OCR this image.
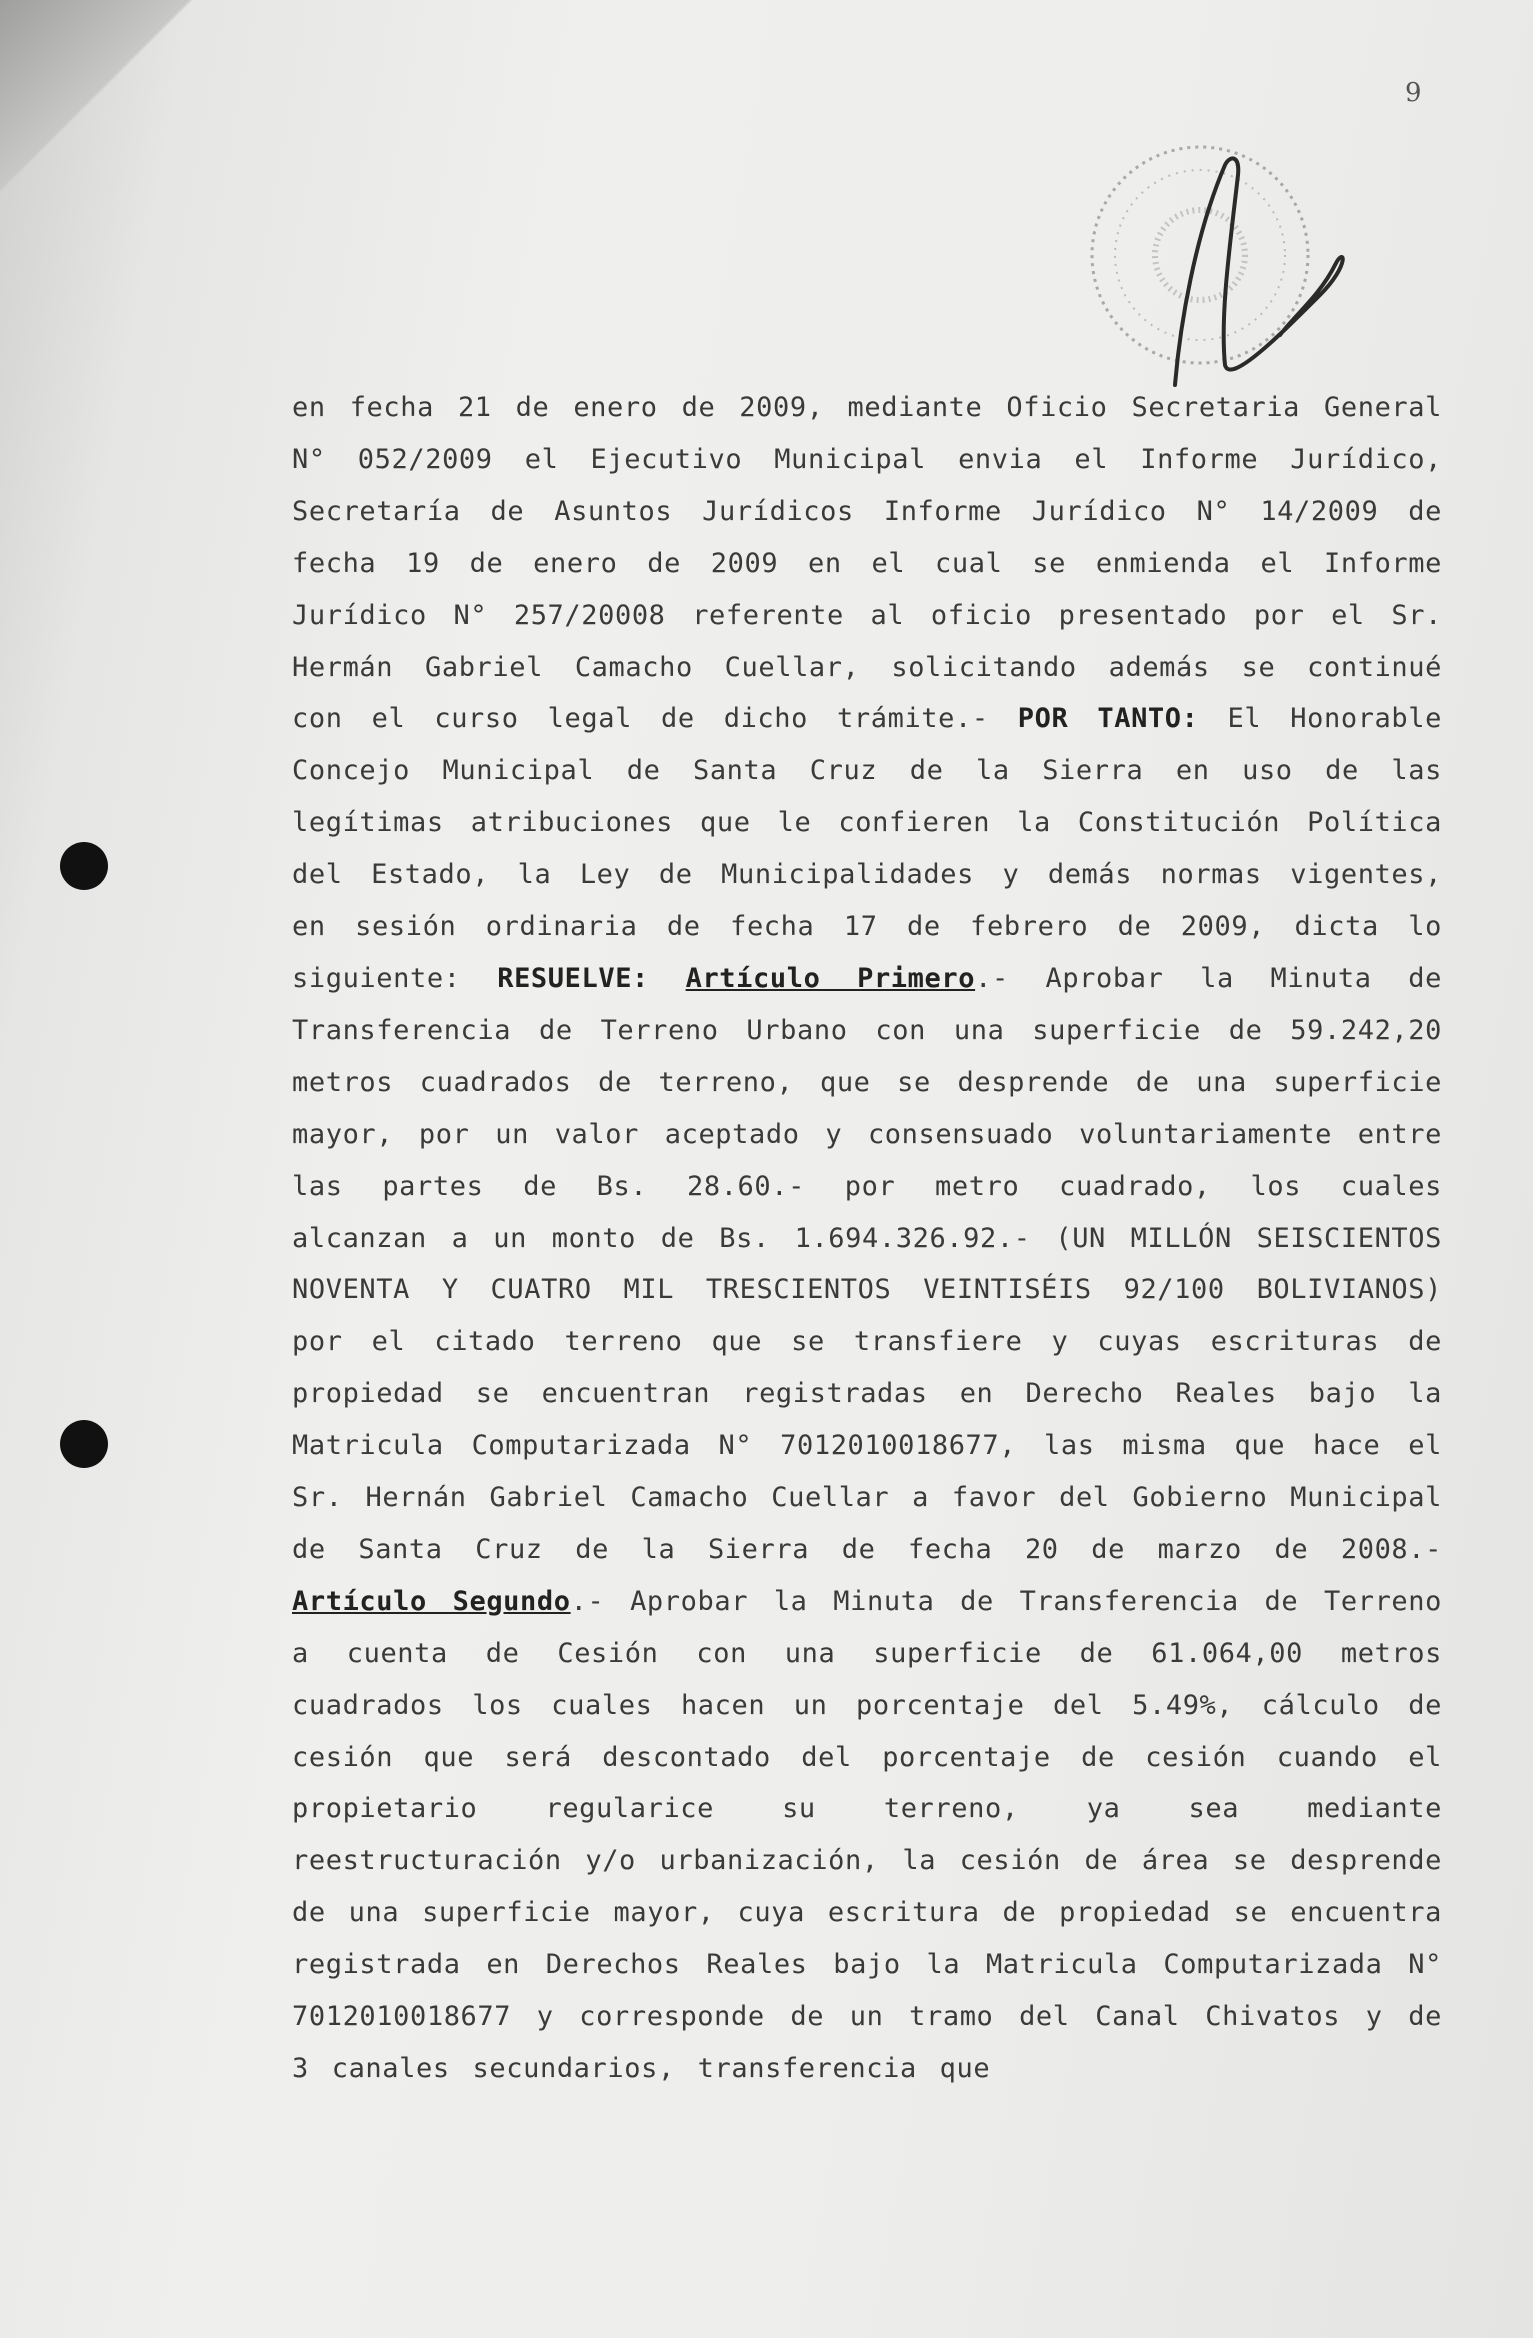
9
en fecha 21 de enero de 2009, mediante Oficio Secretaria General N° 052/2009 el Ejecutivo Municipal envia el Informe Jurídico, Secretaría de Asuntos Jurídicos Informe Jurídico N° 14/2009 de fecha 19 de enero de 2009 en el cual se enmienda el Informe Jurídico N° 257/20008 referente al oficio presentado por el Sr. Hermán Gabriel Camacho Cuellar, solicitando además se continué con el curso legal de dicho trámite.- POR TANTO: El Honorable Concejo Municipal de Santa Cruz de la Sierra en uso de las legítimas atribuciones que le confieren la Constitución Política del Estado, la Ley de Municipalidades y demás normas vigentes, en sesión ordinaria de fecha 17 de febrero de 2009, dicta lo siguiente: RESUELVE: Artículo Primero.- Aprobar la Minuta de Transferencia de Terreno Urbano con una superficie de 59.242,20 metros cuadrados de terreno, que se desprende de una superficie mayor, por un valor aceptado y consensuado voluntariamente entre las partes de Bs. 28.60.- por metro cuadrado, los cuales alcanzan a un monto de Bs. 1.694.326.92.- (UN MILLÓN SEISCIENTOS NOVENTA Y CUATRO MIL TRESCIENTOS VEINTISÉIS 92/100 BOLIVIANOS) por el citado terreno que se transfiere y cuyas escrituras de propiedad se encuentran registradas en Derecho Reales bajo la Matricula Computarizada N° 7012010018677, las misma que hace el Sr. Hernán Gabriel Camacho Cuellar a favor del Gobierno Municipal de Santa Cruz de la Sierra de fecha 20 de marzo de 2008.- Artículo Segundo.- Aprobar la Minuta de Transferencia de Terreno a cuenta de Cesión con una superficie de 61.064,00 metros cuadrados los cuales hacen un porcentaje del 5.49%, cálculo de cesión que será descontado del porcentaje de cesión cuando el propietario regularice su terreno, ya sea mediante reestructuración y/o urbanización, la cesión de área se desprende de una superficie mayor, cuya escritura de propiedad se encuentra registrada en Derechos Reales bajo la Matricula Computarizada N° 7012010018677 y corresponde de un tramo del Canal Chivatos y de 3 canales secundarios, transferencia que
